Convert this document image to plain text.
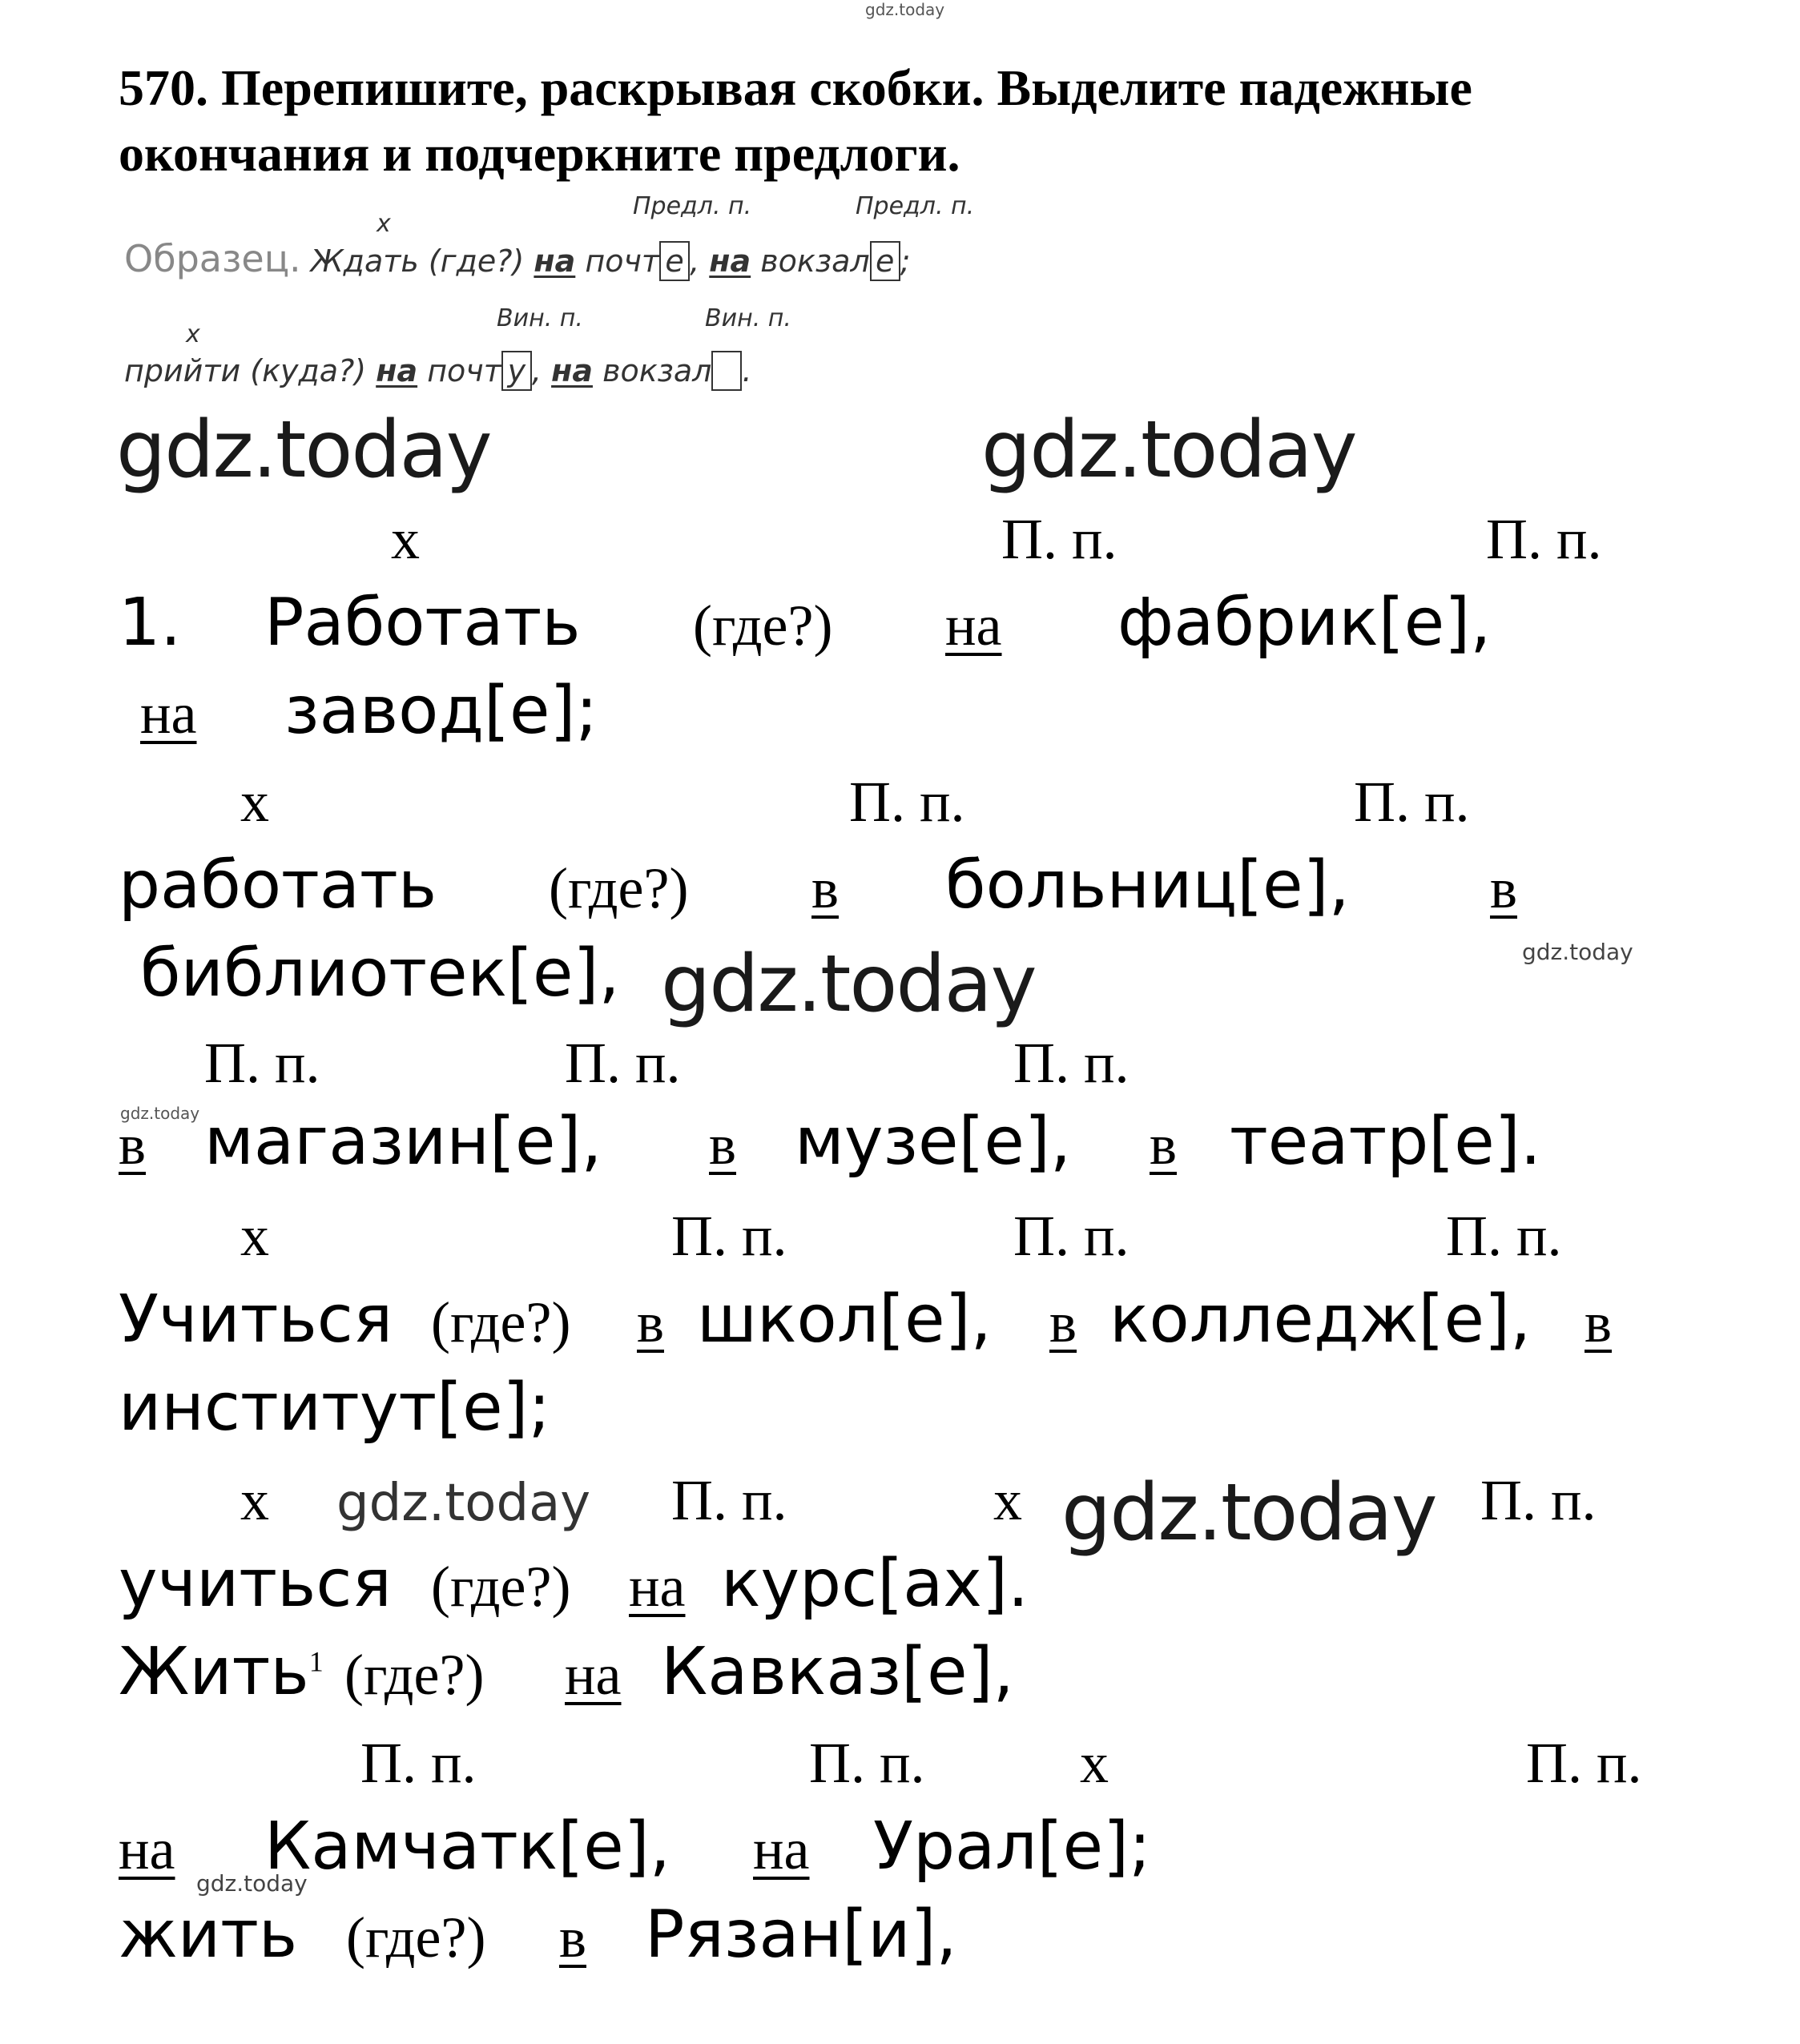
gdz.today
570. Перепишите, раскрывая скобки. Выделите падежные
окончания и подчеркните предлоги.
x
Предл. п.	Предл. п.
Образец. Ждать (где?) на почт е , на вокзал е ;
x
Вин. п.	Вин. п.
прийти (куда?) на почт у , на вокзал .
gdz.today	gdz.today
x	П. п.	П. п.
1. Работать (где?) на фабрик[е],
на завод[е];
x	П. п.	П. п.
работать (где?) в больниц[е], в
библиотек[е], gdz.today	gdz.today
П. п.	П. п.	П. п.
gdz.today
в магазин[е], в музе[е], в театр[е].
x	П. п.	П. п.	П. п.
Учиться (где?) в школ[е], в колледж[е], в
институт[е];
x gdz.today П. п.	x gdz.today П. п.
учиться (где?) на курс[ах].
Жить$^1$ (где?) на Кавказ[е],
П. п.	П. п.	x	П. п.
на Камчатк[е], на Урал[е];
gdz.today
жить (где?) в Рязан[и],
